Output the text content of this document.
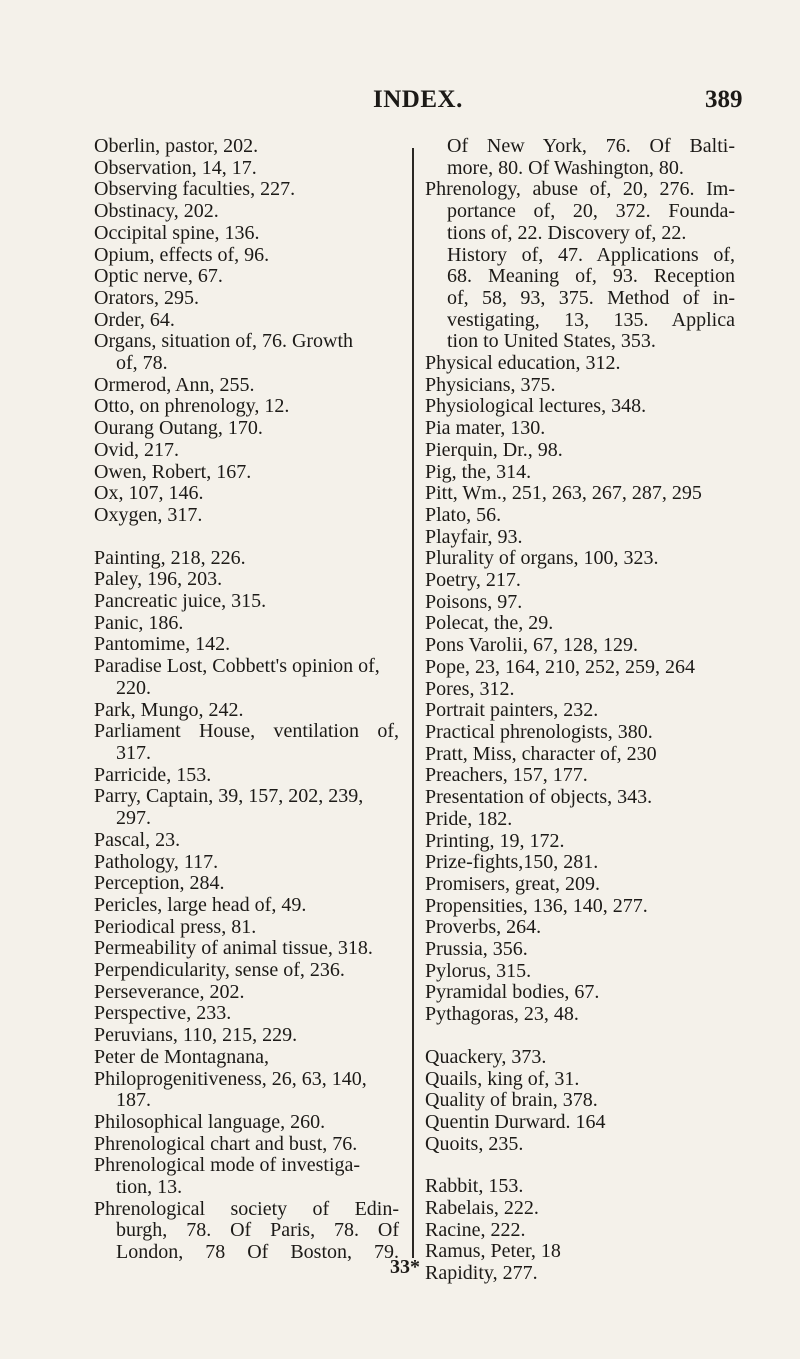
INDEX.	389
Oberlin, pastor, 202.
Observation, 14, 17.
Observing faculties, 227.
Obstinacy, 202.
Occipital spine, 136.
Opium, effects of, 96.
Optic nerve, 67.
Orators, 295.
Order, 64.
Organs, situation of, 76. Growth
of, 78.
Ormerod, Ann, 255.
Otto, on phrenology, 12.
Ourang Outang, 170.
Ovid, 217.
Owen, Robert, 167.
Ox, 107, 146.
Oxygen, 317.
Painting, 218, 226.
Paley, 196, 203.
Pancreatic juice, 315.
Panic, 186.
Pantomime, 142.
Paradise Lost, Cobbett's opinion of,
220.
Park, Mungo, 242.
Parliament House, ventilation of,
317.
Parricide, 153.
Parry, Captain, 39, 157, 202, 239,
297.
Pascal, 23.
Pathology, 117.
Perception, 284.
Pericles, large head of, 49.
Periodical press, 81.
Permeability of animal tissue, 318.
Perpendicularity, sense of, 236.
Perseverance, 202.
Perspective, 233.
Peruvians, 110, 215, 229.
Peter de Montagnana,
Philoprogenitiveness, 26, 63, 140,
187.
Philosophical language, 260.
Phrenological chart and bust, 76.
Phrenological mode of investiga-
tion, 13.
Phrenological society of Edin-
burgh, 78. Of Paris, 78. Of
London, 78 Of Boston, 79.
Of New York, 76. Of Balti-
more, 80. Of Washington, 80.
Phrenology, abuse of, 20, 276. Im-
portance of, 20, 372. Founda-
tions of, 22. Discovery of, 22.
History of, 47. Applications of,
68. Meaning of, 93. Reception
of, 58, 93, 375. Method of in-
vestigating, 13, 135. Applica
tion to United States, 353.
Physical education, 312.
Physicians, 375.
Physiological lectures, 348.
Pia mater, 130.
Pierquin, Dr., 98.
Pig, the, 314.
Pitt, Wm., 251, 263, 267, 287, 295
Plato, 56.
Playfair, 93.
Plurality of organs, 100, 323.
Poetry, 217.
Poisons, 97.
Polecat, the, 29.
Pons Varolii, 67, 128, 129.
Pope, 23, 164, 210, 252, 259, 264
Pores, 312.
Portrait painters, 232.
Practical phrenologists, 380.
Pratt, Miss, character of, 230
Preachers, 157, 177.
Presentation of objects, 343.
Pride, 182.
Printing, 19, 172.
Prize-fights,150, 281.
Promisers, great, 209.
Propensities, 136, 140, 277.
Proverbs, 264.
Prussia, 356.
Pylorus, 315.
Pyramidal bodies, 67.
Pythagoras, 23, 48.
Quackery, 373.
Quails, king of, 31.
Quality of brain, 378.
Quentin Durward. 164
Quoits, 235.
Rabbit, 153.
Rabelais, 222.
Racine, 222.
Ramus, Peter, 18
Rapidity, 277.
33*
